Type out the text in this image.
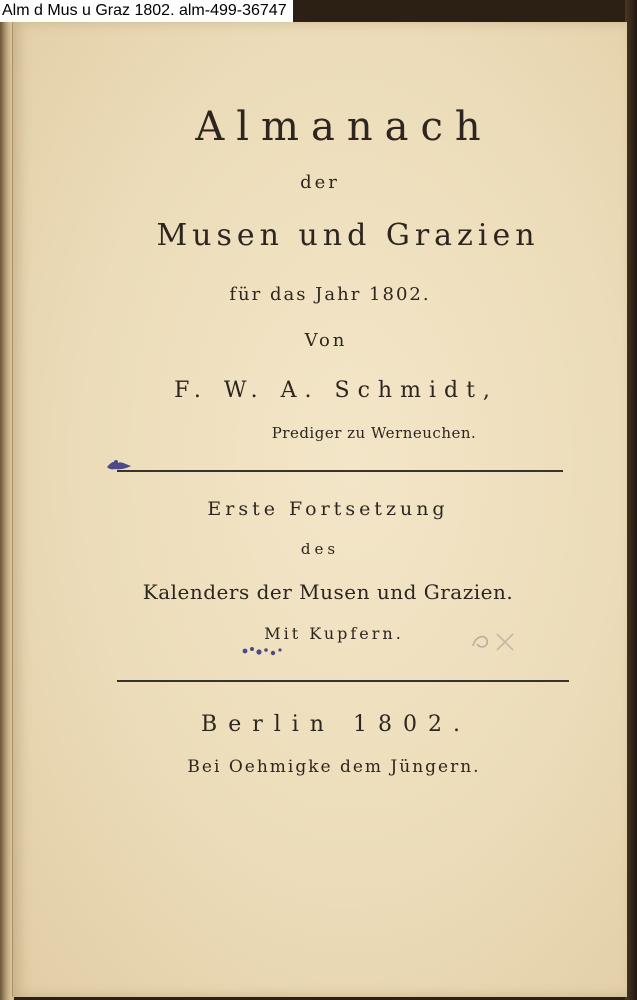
Almanach
der
Musen und Grazien
für das Jahr 1802.
Von
F. W. A. Schmidt,
Prediger zu Werneuchen.
Erste Fortsetzung
des
Kalenders der Musen und Grazien.
Mit Kupfern.
Berlin 1802.
Bei Oehmigke dem Jüngern.
Alm d Mus u Graz 1802. alm-499-36747
